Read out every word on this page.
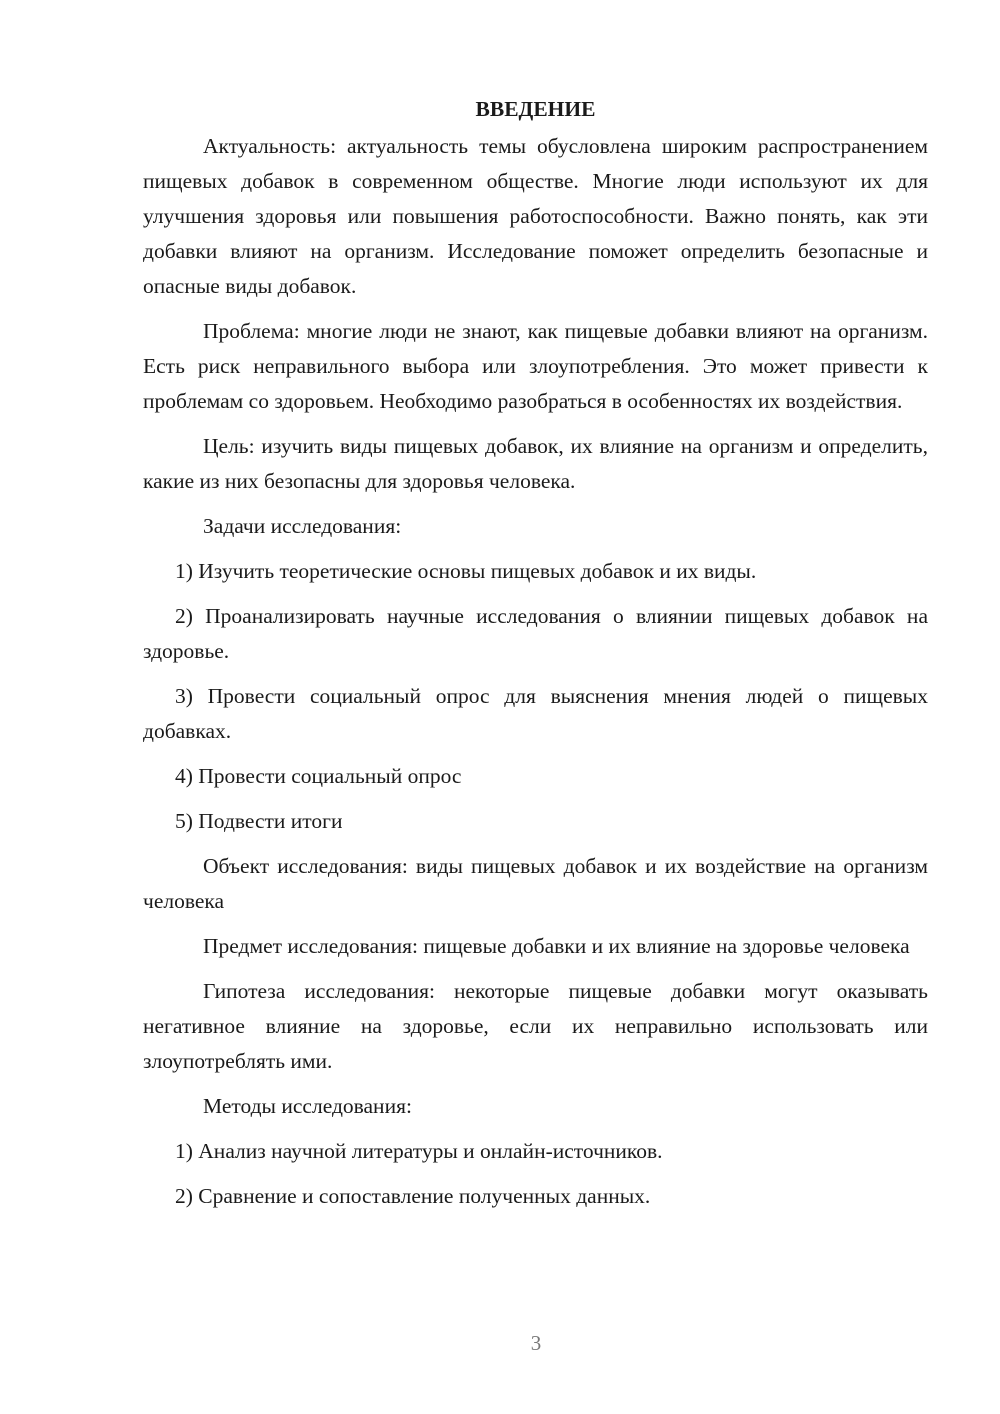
ВВЕДЕНИЕ

Актуальность: актуальность темы обусловлена широким распространением пищевых добавок в современном обществе. Многие люди используют их для улучшения здоровья или повышения работоспособности. Важно понять, как эти добавки влияют на организм. Исследование поможет определить безопасные и опасные виды добавок.

Проблема: многие люди не знают, как пищевые добавки влияют на организм. Есть риск неправильного выбора или злоупотребления. Это может привести к проблемам со здоровьем. Необходимо разобраться в особенностях их воздействия.

Цель: изучить виды пищевых добавок, их влияние на организм и определить, какие из них безопасны для здоровья человека.

Задачи исследования:

1) Изучить теоретические основы пищевых добавок и их виды.

2) Проанализировать научные исследования о влиянии пищевых добавок на здоровье.

3) Провести социальный опрос для выяснения мнения людей о пищевых добавках.

4) Провести социальный опрос

5) Подвести итоги

Объект исследования: виды пищевых добавок и их воздействие на организм человека

Предмет исследования: пищевые добавки и их влияние на здоровье человека

Гипотеза исследования: некоторые пищевые добавки могут оказывать негативное влияние на здоровье, если их неправильно использовать или злоупотреблять ими.

Методы исследования:

1) Анализ научной литературы и онлайн-источников.

2) Сравнение и сопоставление полученных данных.

3
